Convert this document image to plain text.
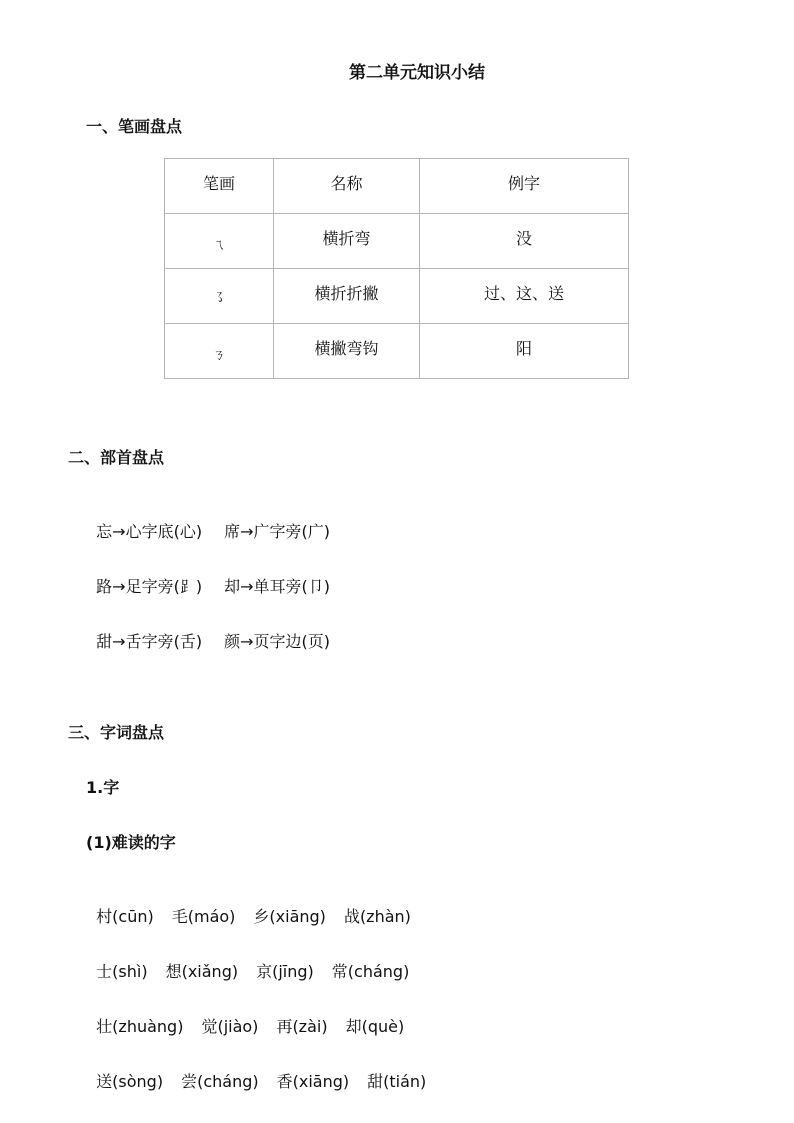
第二单元知识小结
一、笔画盘点
笔画	名称	例字
ㄟ	横折弯	没
㇌	横折折撇	过、这、送
ㄋ	横撇弯钩	阳
二、部首盘点

忘→心字底(心) 席→广字旁(广)

路→足字旁(⻊) 却→单耳旁(卩)

甜→舌字旁(舌) 颜→页字边(页)

三、字词盘点
1.字
(1)难读的字

村(cūn) 毛(máo) 乡(xiāng) 战(zhàn)

士(shì) 想(xiǎng) 京(jīng) 常(cháng)

壮(zhuàng) 觉(jiào) 再(zài) 却(què)

送(sòng) 尝(cháng) 香(xiāng) 甜(tián)
